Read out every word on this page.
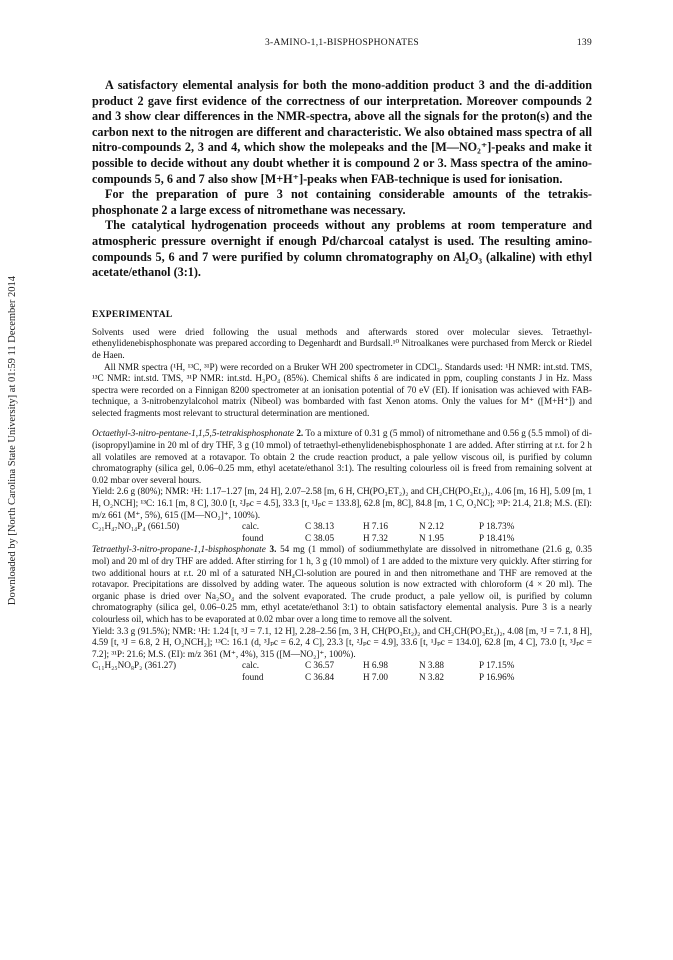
Downloaded by [North Carolina State University] at 01:59 11 December 2014
3-AMINO-1,1-BISPHOSPHONATES	139

A satisfactory elemental analysis for both the mono-addition product 3 and the di-addition product 2 gave first evidence of the correctness of our interpretation. Moreover compounds 2 and 3 show clear differences in the NMR-spectra, above all the signals for the proton(s) and the carbon next to the nitrogen are different and characteristic. We also obtained mass spectra of all nitro-compounds 2, 3 and 4, which show the molepeaks and the [M—NO₂⁺]-peaks and make it possible to decide without any doubt whether it is compound 2 or 3. Mass spectra of the amino-compounds 5, 6 and 7 also show [M+H⁺]-peaks when FAB-technique is used for ionisation.

For the preparation of pure 3 not containing considerable amounts of the tetrakis-phosphonate 2 a large excess of nitromethane was necessary.

The catalytical hydrogenation proceeds without any problems at room temperature and atmospheric pressure overnight if enough Pd/charcoal catalyst is used. The resulting amino-compounds 5, 6 and 7 were purified by column chromatography on Al₂O₃ (alkaline) with ethyl acetate/ethanol (3:1).

EXPERIMENTAL

Solvents used were dried following the usual methods and afterwards stored over molecular sieves. Tetraethyl-ethenylidenebisphosphonate was prepared according to Degenhardt and Burdsall.¹⁰ Nitroalkanes were purchased from Merck or Riedel de Haen.

All NMR spectra (¹H, ¹³C, ³¹P) were recorded on a Bruker WH 200 spectrometer in CDCl₃. Standards used: ¹H NMR: int.std. TMS, ¹³C NMR: int.std. TMS, ³¹P NMR: int.std. H₃PO₄ (85%). Chemical shifts δ are indicated in ppm, coupling constants J in Hz. Mass spectra were recorded on a Finnigan 8200 spectrometer at an ionisation potential of 70 eV (EI). If ionisation was achieved with FAB-technique, a 3-nitrobenzylalcohol matrix (Nibeol) was bombarded with fast Xenon atoms. Only the values for M⁺ ([M+H⁺]) and selected fragments most relevant to structural determination are mentioned.

Octaethyl-3-nitro-pentane-1,1,5,5-tetrakisphosphonate 2. To a mixture of 0.31 g (5 mmol) of nitromethane and 0.56 g (5.5 mmol) of di-(isopropyl)amine in 20 ml of dry THF, 3 g (10 mmol) of tetraethyl-ethenylidenebisphosphonate 1 are added. After stirring at r.t. for 2 h all volatiles are removed at a rotavapor. To obtain 2 the crude reaction product, a pale yellow viscous oil, is purified by column chromatography (silica gel, 0.06–0.25 mm, ethyl acetate/ethanol 3:1). The resulting colourless oil is freed from remaining solvent at 0.02 mbar over several hours.

Yield: 2.6 g (80%); NMR: ¹H: 1.17–1.27 [m, 24 H], 2.07–2.58 [m, 6 H, CH(PO₃ET₂)₂ and CH₂CH(PO₃Et₂)₂, 4.06 [m, 16 H], 5.09 [m, 1 H, O₂NCH]; ¹³C: 16.1 [m, 8 C], 30.0 [t, ²Jₚc = 4.5], 33.3 [t, ¹Jₚc = 133.8], 62.8 [m, 8C], 84.8 [m, 1 C, O₂NC]; ³¹P: 21.4, 21.8; M.S. (EI): m/z 661 (M⁺, 5%), 615 ([M—NO₂]⁺, 100%).

C₂₁H₄₇NO₁₄P₄ (661.50)	calc.	C 38.13	H 7.16	N 2.12	P 18.73%
found	C 38.05	H 7.32	N 1.95	P 18.41%

Tetraethyl-3-nitro-propane-1,1-bisphosphonate 3. 54 mg (1 mmol) of sodiummethylate are dissolved in nitromethane (21.6 g, 0.35 mol) and 20 ml of dry THF are added. After stirring for 1 h, 3 g (10 mmol) of 1 are added to the mixture very quickly. After stirring for two additional hours at r.t. 20 ml of a saturated NH₄Cl-solution are poured in and then nitromethane and THF are removed at the rotavapor. Precipitations are dissolved by adding water. The aqueous solution is now extracted with chloroform (4 × 20 ml). The organic phase is dried over Na₂SO₄ and the solvent evaporated. The crude product, a pale yellow oil, is purified by column chromatography (silica gel, 0.06–0.25 mm, ethyl acetate/ethanol 3:1) to obtain satisfactory elemental analysis. Pure 3 is a nearly colourless oil, which has to be evaporated at 0.02 mbar over a long time to remove all the solvent.

Yield: 3.3 g (91.5%); NMR: ¹H: 1.24 [t, ³J = 7.1, 12 H], 2.28–2.56 [m, 3 H, CH(PO₃Et₂)₂ and CH₂CH(PO₃Et₂)₂, 4.08 [m, ³J = 7.1, 8 H], 4.59 [t, ³J = 6.8, 2 H, O₂NCH₂]; ¹³C: 16.1 (d, ³Jₚc = 6.2, 4 C], 23.3 [t, ²Jₚc = 4.9], 33.6 [t, ¹Jₚc = 134.0], 62.8 [m, 4 C], 73.0 [t, ³Jₚc = 7.2]; ³¹P: 21.6; M.S. (EI): m/z 361 (M⁺, 4%), 315 ([M—NO₂]⁺, 100%).

C₁₁H₂₅NO₈P₂ (361.27)	calc.	C 36.57	H 6.98	N 3.88	P 17.15%
found	C 36.84	H 7.00	N 3.82	P 16.96%
